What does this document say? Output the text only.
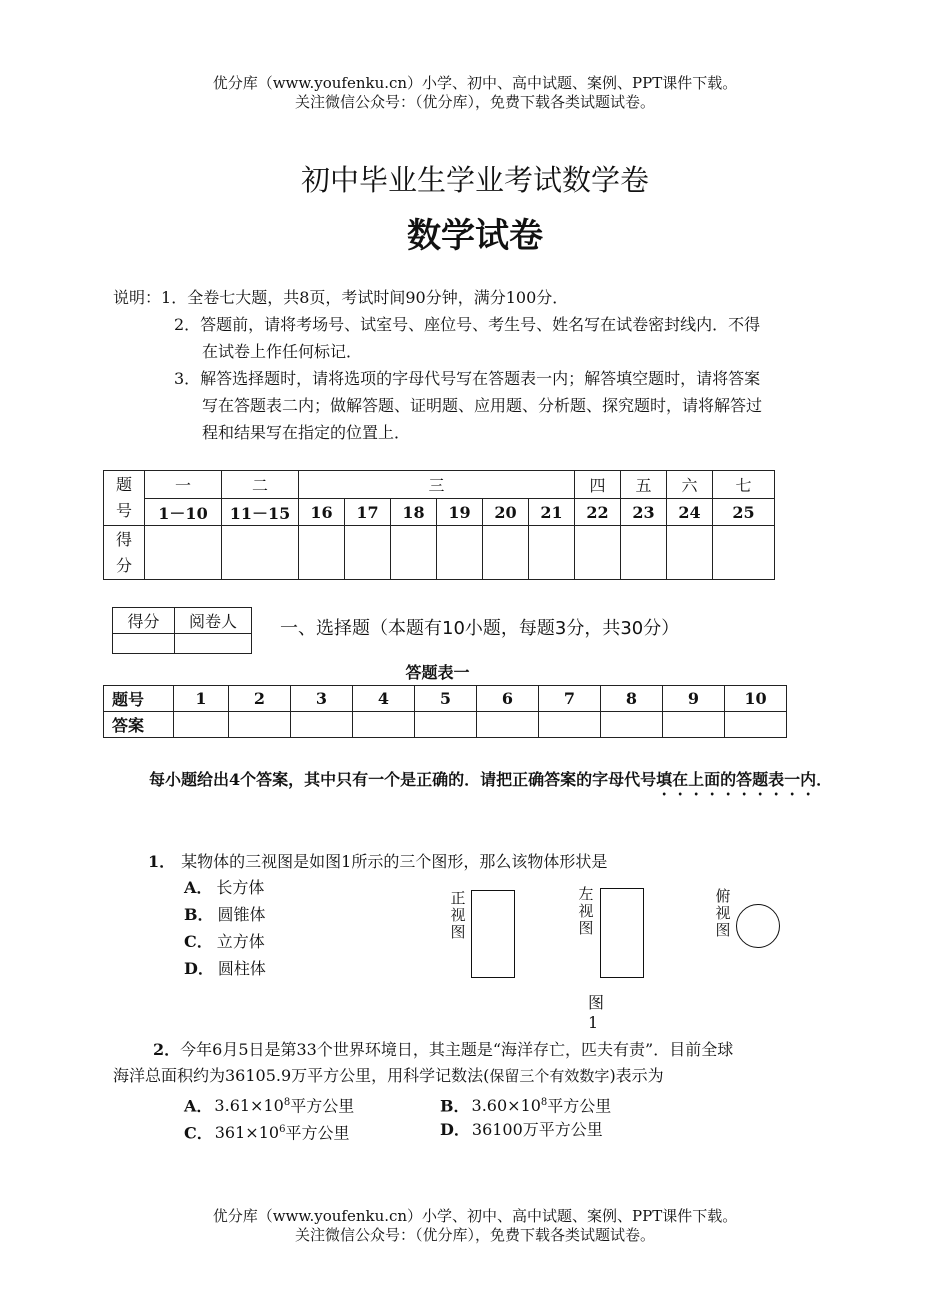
优分库（www.youfenku.cn）小学、初中、高中试题、案例、PPT课件下载。
关注微信公众号：（优分库），免费下载各类试题试卷。
初中毕业生学业考试数学卷
数学试卷
说明：1．全卷七大题，共8页，考试时间90分钟，满分100分．
2．答题前，请将考场号、试室号、座位号、考生号、姓名写在试卷密封线内．不得
在试卷上作任何标记．
3．解答选择题时，请将选项的字母代号写在答题表一内；解答填空题时，请将答案
写在答题表二内；做解答题、证明题、应用题、分析题、探究题时，请将解答过
程和结果写在指定的位置上．
题号	一	二	三						四	五	六	七
	1－10	11－15	16	17	18	19	20	21	22	23	24	25
得分												
得分	阅卷人
	一、选择题（本题有10小题，每题3分，共30分）
答题表一
题号	1	2	3	4	5	6	7	8	9	10
答案										
每小题给出4个答案，其中只有一个是正确的．请把正确答案的字母代号填在上面的答题表一内．
1． 某物体的三视图是如图1所示的三个图形，那么该物体形状是
A． 长方体
B． 圆锥体
C． 立方体
D． 圆柱体
正视图
左视图
俯视图
图1
2．今年6月5日是第33个世界环境日，其主题是“海洋存亡，匹夫有责”．目前全球
海洋总面积约为36105.9万平方公里，用科学记数法(保留三个有效数字)表示为
A． $3.61\times 10^8$平方公里	B． $3.60\times 10^8$平方公里
C． $361\times 10^6$平方公里	D． 36100万平方公里
优分库（www.youfenku.cn）小学、初中、高中试题、案例、PPT课件下载。
关注微信公众号：（优分库），免费下载各类试题试卷。
